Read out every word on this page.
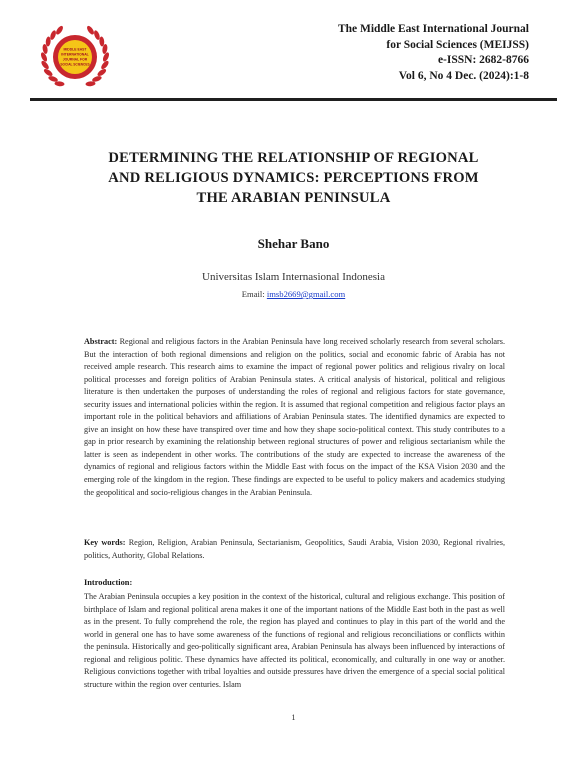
MIDDLE EAST
INTERNATIONAL
JOURNAL FOR
SOCIAL SCIENCES
The Middle East International Journal
for Social Sciences (MEIJSS)
e-ISSN: 2682-8766
Vol 6, No 4 Dec. (2024):1-8
DETERMINING THE RELATIONSHIP OF REGIONAL
AND RELIGIOUS DYNAMICS: PERCEPTIONS FROM
THE ARABIAN PENINSULA
Shehar Bano
Universitas Islam Internasional Indonesia
Email: imsb2669@gmail.com
Abstract: Regional and religious factors in the Arabian Peninsula have long received scholarly research from several scholars. But the interaction of both regional dimensions and religion on the politics, social and economic fabric of Arabia has not received ample research. This research aims to examine the impact of regional power politics and religious rivalry on local political processes and foreign politics of Arabian Peninsula states. A critical analysis of historical, political and religious literature is then undertaken the purposes of understanding the roles of regional and religious factors for state governance, security issues and international policies within the region. It is assumed that regional competition and religious factor plays an important role in the political behaviors and affiliations of Arabian Peninsula states. The identified dynamics are expected to give an insight on how these have transpired over time and how they shape socio-political context. This study contributes to a gap in prior research by examining the relationship between regional structures of power and religious sectarianism while the latter is seen as independent in other works. The contributions of the study are expected to increase the awareness of the dynamics of regional and religious factors within the Middle East with focus on the impact of the KSA Vision 2030 and the emerging role of the kingdom in the region. These findings are expected to be useful to policy makers and academics studying the geopolitical and socio-religious changes in the Arabian Peninsula.
Key words: Region, Religion, Arabian Peninsula, Sectarianism, Geopolitics, Saudi Arabia, Vision 2030, Regional rivalries, politics, Authority, Global Relations.
Introduction:
The Arabian Peninsula occupies a key position in the context of the historical, cultural and religious exchange. This position of birthplace of Islam and regional political arena makes it one of the important nations of the Middle East both in the past as well as in the present. To fully comprehend the role, the region has played and continues to play in this part of the world and the world in general one has to have some awareness of the functions of regional and religious reconciliations or conflicts within the peninsula. Historically and geo-politically significant area, Arabian Peninsula has always been influenced by interactions of regional and religious politic. These dynamics have affected its political, economically, and culturally in one way or another. Religious convictions together with tribal loyalties and outside pressures have driven the emergence of a special social political structure within the region over centuries. Islam
1
